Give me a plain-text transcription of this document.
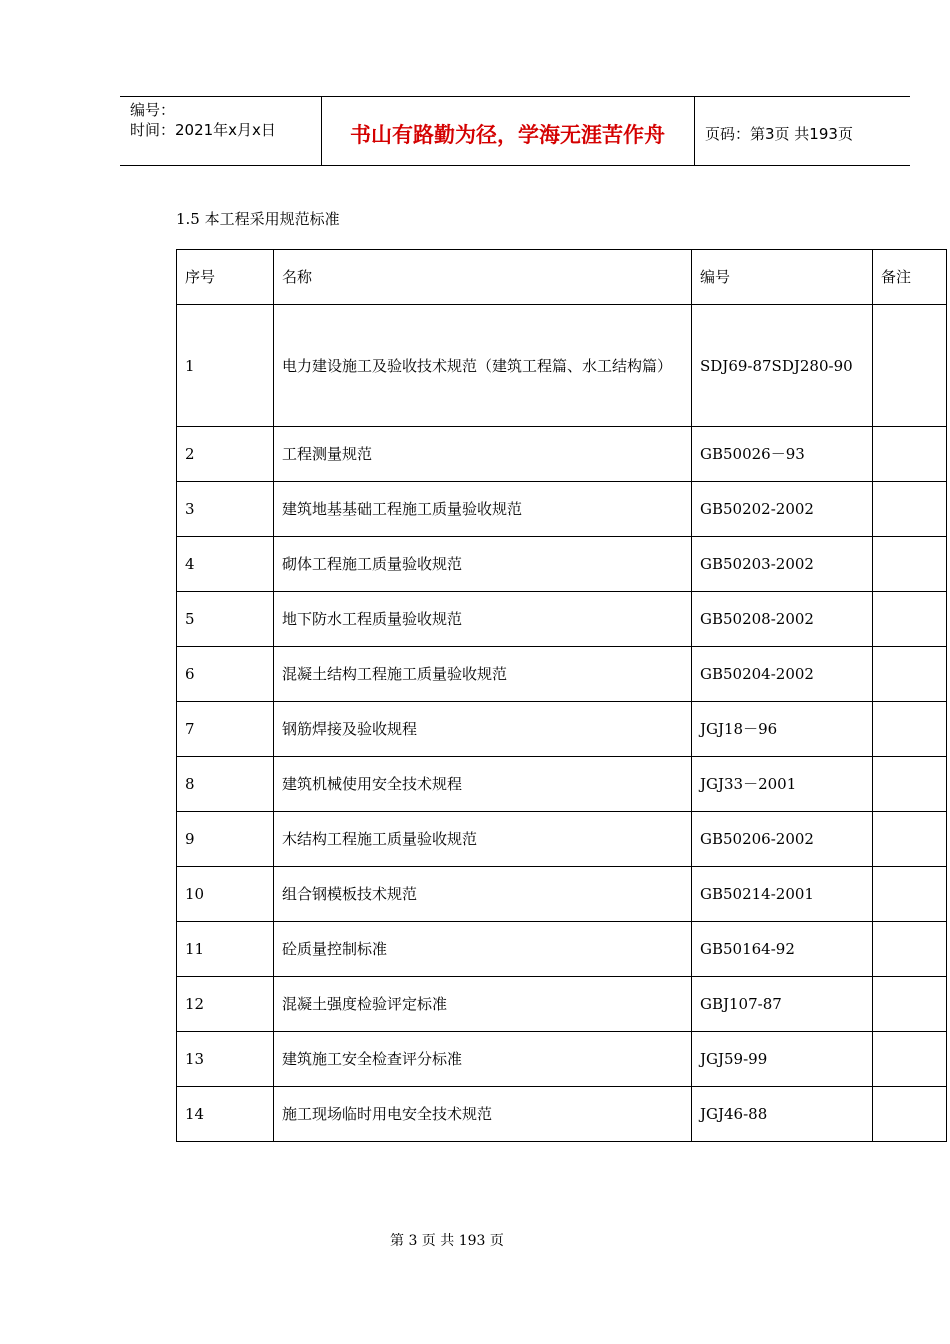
编号：
时间：2021年x月x日	书山有路勤为径，学海无涯苦作舟	页码：第3页 共193页
1.5 本工程采用规范标准
序号	名称	编号	备注
1	电力建设施工及验收技术规范（建筑工程篇、水工结构篇）	SDJ69-87SDJ280-90	

2	工程测量规范	GB50026－93	
3	建筑地基基础工程施工质量验收规范	GB50202-2002	
4	砌体工程施工质量验收规范	GB50203-2002	
5	地下防水工程质量验收规范	GB50208-2002	
6	混凝土结构工程施工质量验收规范	GB50204-2002	
7	钢筋焊接及验收规程	JGJ18－96	
8	建筑机械使用安全技术规程	JGJ33－2001	
9	木结构工程施工质量验收规范	GB50206-2002	
10	组合钢模板技术规范	GB50214-2001	
11	砼质量控制标准	GB50164-92	
12	混凝土强度检验评定标准	GBJ107-87	
13	建筑施工安全检查评分标准	JGJ59-99	
14	施工现场临时用电安全技术规范	JGJ46-88	
第 3 页 共 193 页
